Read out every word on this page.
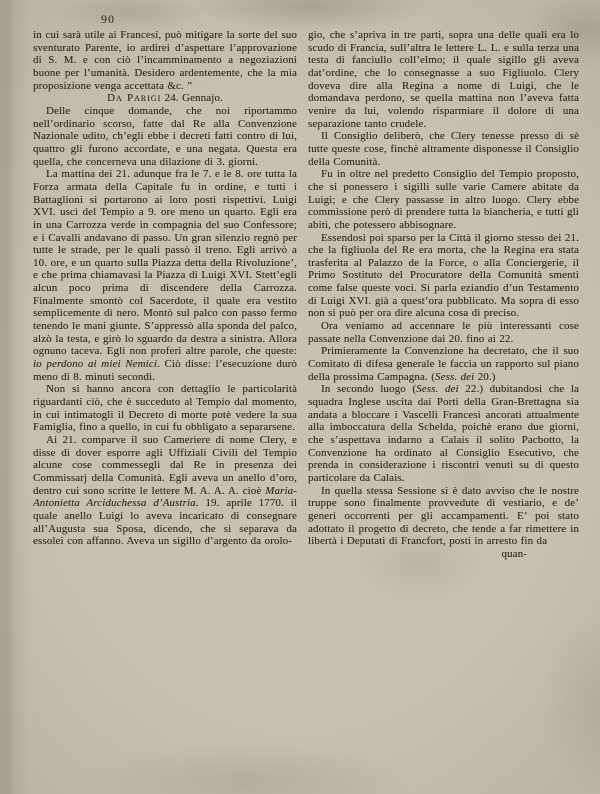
90

in cui sarà utile ai Francesi, può mitigare la sorte del suo sventurato Parente, io ardirei d’aspettare l’approvazione di S. M. e con ciò l’incamminamento a negoziazioni buone per l’umanità. Desidero ardentemente, che la mia proposizione venga accettata &c. ”

Da Parigi 24. Gennajo.

Delle cinque domande, che noi riportammo nell’ordinario scorso, fatte dal Re alla Convenzione Nazionale udito, ch’egli ebbe i decreti fatti contro di lui, quattro gli furono accordate, e una negata. Questa era quella, che concerneva una dilazione di 3. giorni.

La mattina dei 21. adunque fra le 7. e le 8. ore tutta la Forza armata della Capitale fu in ordine, e tutti i Battaglioni si portarono ai loro posti rispettivi. Luigi XVI. uscì del Tempio a 9. ore meno un quarto. Egli era in una Carrozza verde in compagnia del suo Confessore; e i Cavalli andavano di passo. Un gran silenzio regnò per tutte le strade, per le quali passò il treno. Egli arrivò a 10. ore, e un quarto sulla Piazza detta della Rivoluzione’, e che prima chiamavasi la Piazza di Luigi XVI. Stett’egli alcun poco prima di discendere della Carrozza. Finalmente smontò col Sacerdote, il quale era vestito semplicemente di nero. Montò sul palco con passo fermo tenendo le mani giunte. S’appressò alla sponda del palco, alzò la testa, e girò lo sguardo da destra a sinistra. Allora ognuno taceva. Egli non proferì altre parole, che queste: io perdono ai miei Nemici. Ciò disse: l’esecuzione durò meno di 8. minuti secondi.

Non si hanno ancora con dettaglio le particolarità riguardanti ciò, che è succeduto al Tempio dal momento, in cui intimatogli il Decreto di morte potè vedere la sua Famiglia, fino a quello, in cui fu obbligato a separarsene.

Ai 21. comparve il suo Cameriere di nome Clery, e disse di dover esporre agli Uffiziali Civili del Tempio alcune cose commessegli dal Re in presenza dei Commissarj della Comunità. Egli aveva un anello d’oro, dentro cui sono scritte le lettere M. A. A. A. cioè Maria-Antonietta Arciduchessa d’Austria. 19. aprile 1770. il quale anello Luigi lo aveva incaricato di consegnare all’Augusta sua Sposa, dicendo, che si separava da essolei con affanno. Aveva un sigillo d’argento da orolo-

gio, che s’apriva in tre parti, sopra una delle quali era lo scudo di Francia, sull’altra le lettere L. L. e sulla terza una testa di fanciullo coll’elmo; il quale sigillo gli aveva dat’ordine, che lo consegnasse a suo Figliuolo. Clery doveva dire alla Regina a nome di Luigi, che le domandava perdono, se quella mattina non l’aveva fatta venire da lui, volendo risparmiare il dolore di una separazione tanto crudele.

Il Consiglio deliberò, che Clery tenesse presso di sè tutte queste cose, finchè altramente disponesse il Consiglio della Comunità.

Fu in oltre nel predetto Consiglio del Tempio proposto, che si ponessero i sigilli sulle varie Camere abitate da Luigi; e che Clery passasse in altro luogo. Clery ebbe commissione però di prendere tutta la biancheria, e tutti gli abiti, che potessero abbisognare.

Essendosi poi sparso per la Città il giorno stesso dei 21. che la figliuola del Re era morta, che la Regina era stata trasferita al Palazzo de la Force, o alla Conciergerie, il Primo Sostituto del Procuratore della Comunità smentì come false queste voci. Si parla eziandio d’un Testamento di Luigi XVI. già a quest’ora pubblicato. Ma sopra di esso non si può per ora dire alcuna cosa di preciso.

Ora veniamo ad accennare le più interessanti cose passate nella Convenzione dai 20. fino ai 22.

Primieramente la Convenzione ha decretato, che il suo Comitato di difesa generale le faccia un rapporto sul piano della prossima Campagna. (Sess. dei 20.)

In secondo luogo (Sess. dei 22.) dubitandosi che la squadra Inglese uscita dai Porti della Gran-Brettagna sia andata a bloccare i Vascelli Francesi ancorati attualmente alla imboccatura della Schelda, poichè erano due giorni, che s’aspettava indarno a Calais il solito Pacbotto, la Convenzione ha ordinato al Consiglio Esecutivo, che prenda in considerazione i riscontri venuti su di questo particolare da Calais.

In quella stessa Sessione si è dato avviso che le nostre truppe sono finalmente provvedute di vestiario, e de’ generi occorrenti per gli accampamenti. E’ poi stato adottato il progetto di decreto, che tende a far rimettere in libertà i Deputati di Francfort, posti in arresto fin da

quan-
